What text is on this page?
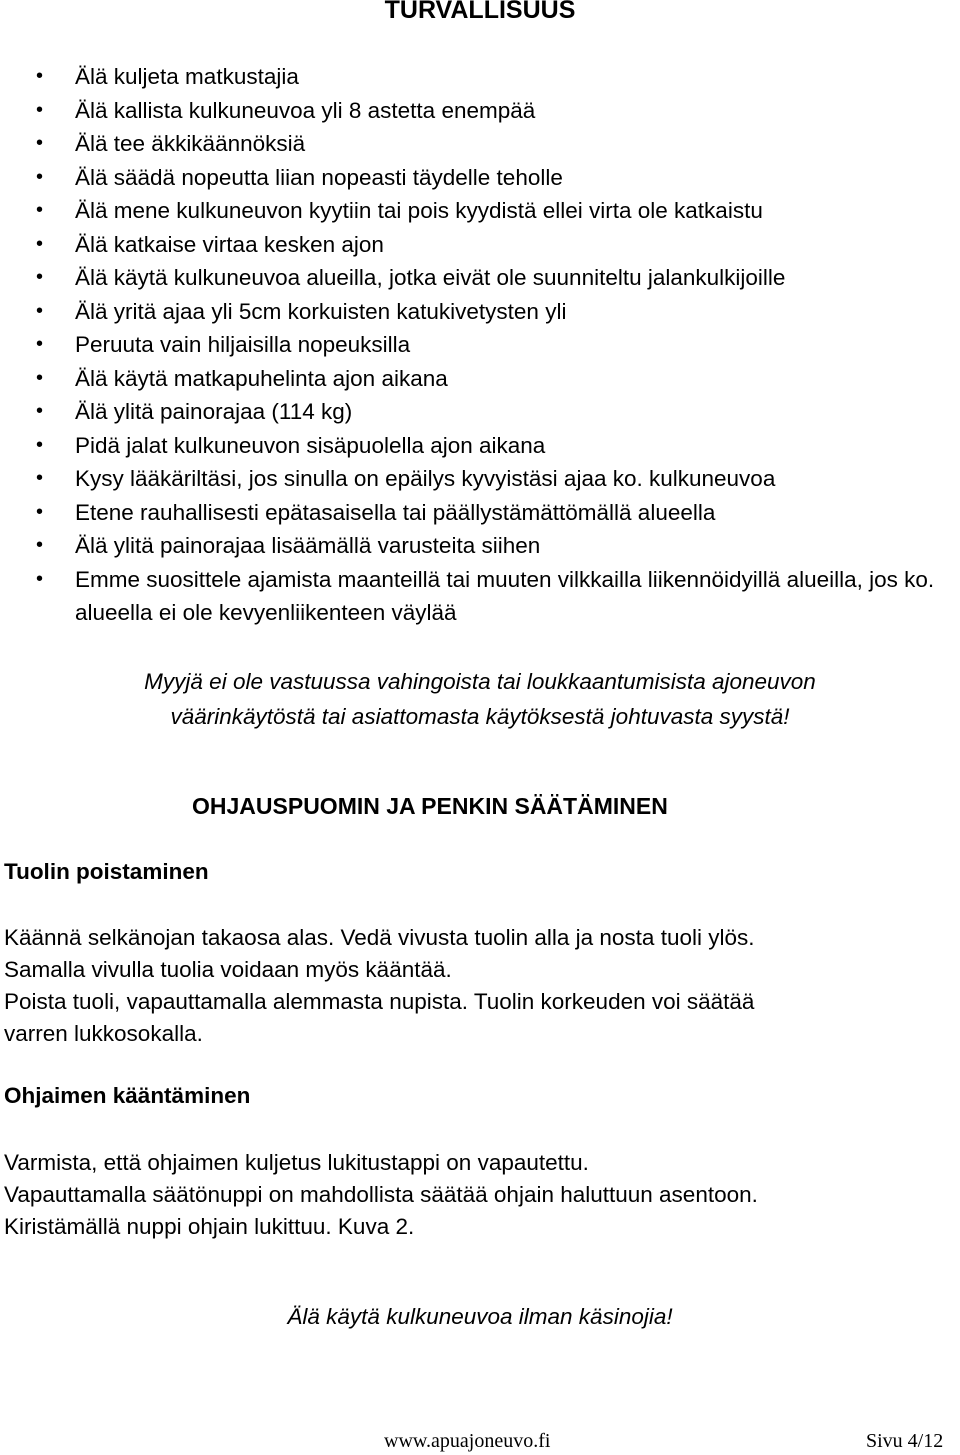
TURVALLISUUS
• Älä kuljeta matkustajia
• Älä kallista kulkuneuvoa yli 8 astetta enempää
• Älä tee äkkikäännöksiä
• Älä säädä nopeutta liian nopeasti täydelle teholle
• Älä mene kulkuneuvon kyytiin tai pois kyydistä ellei virta ole katkaistu
• Älä katkaise virtaa kesken ajon
• Älä käytä kulkuneuvoa alueilla, jotka eivät ole suunniteltu jalankulkijoille
• Älä yritä ajaa yli 5cm korkuisten katukivetysten yli
• Peruuta vain hiljaisilla nopeuksilla
• Älä käytä matkapuhelinta ajon aikana
• Älä ylitä painorajaa (114 kg)
• Pidä jalat kulkuneuvon sisäpuolella ajon aikana
• Kysy lääkäriltäsi, jos sinulla on epäilys kyvyistäsi ajaa ko. kulkuneuvoa
• Etene rauhallisesti epätasaisella tai päällystämättömällä alueella
• Älä ylitä painorajaa lisäämällä varusteita siihen
• Emme suosittele ajamista maanteillä tai muuten vilkkailla liikennöidyillä alueilla, jos ko. alueella ei ole kevyenliikenteen väylää
Myyjä ei ole vastuussa vahingoista tai loukkaantumisista ajoneuvon
väärinkäytöstä tai asiattomasta käytöksestä johtuvasta syystä!
OHJAUSPUOMIN JA PENKIN SÄÄTÄMINEN
Tuolin poistaminen
Käännä selkänojan takaosa alas. Vedä vivusta tuolin alla ja nosta tuoli ylös.
Samalla vivulla tuolia voidaan myös kääntää.
Poista tuoli, vapauttamalla alemmasta nupista. Tuolin korkeuden voi säätää
varren lukkosokalla.
Ohjaimen kääntäminen
Varmista, että ohjaimen kuljetus lukitustappi on vapautettu.
Vapauttamalla säätönuppi on mahdollista säätää ohjain haluttuun asentoon.
Kiristämällä nuppi ohjain lukittuu. Kuva 2.
Älä käytä kulkuneuvoa ilman käsinojia!
www.apuajoneuvo.fi	Sivu 4/12
